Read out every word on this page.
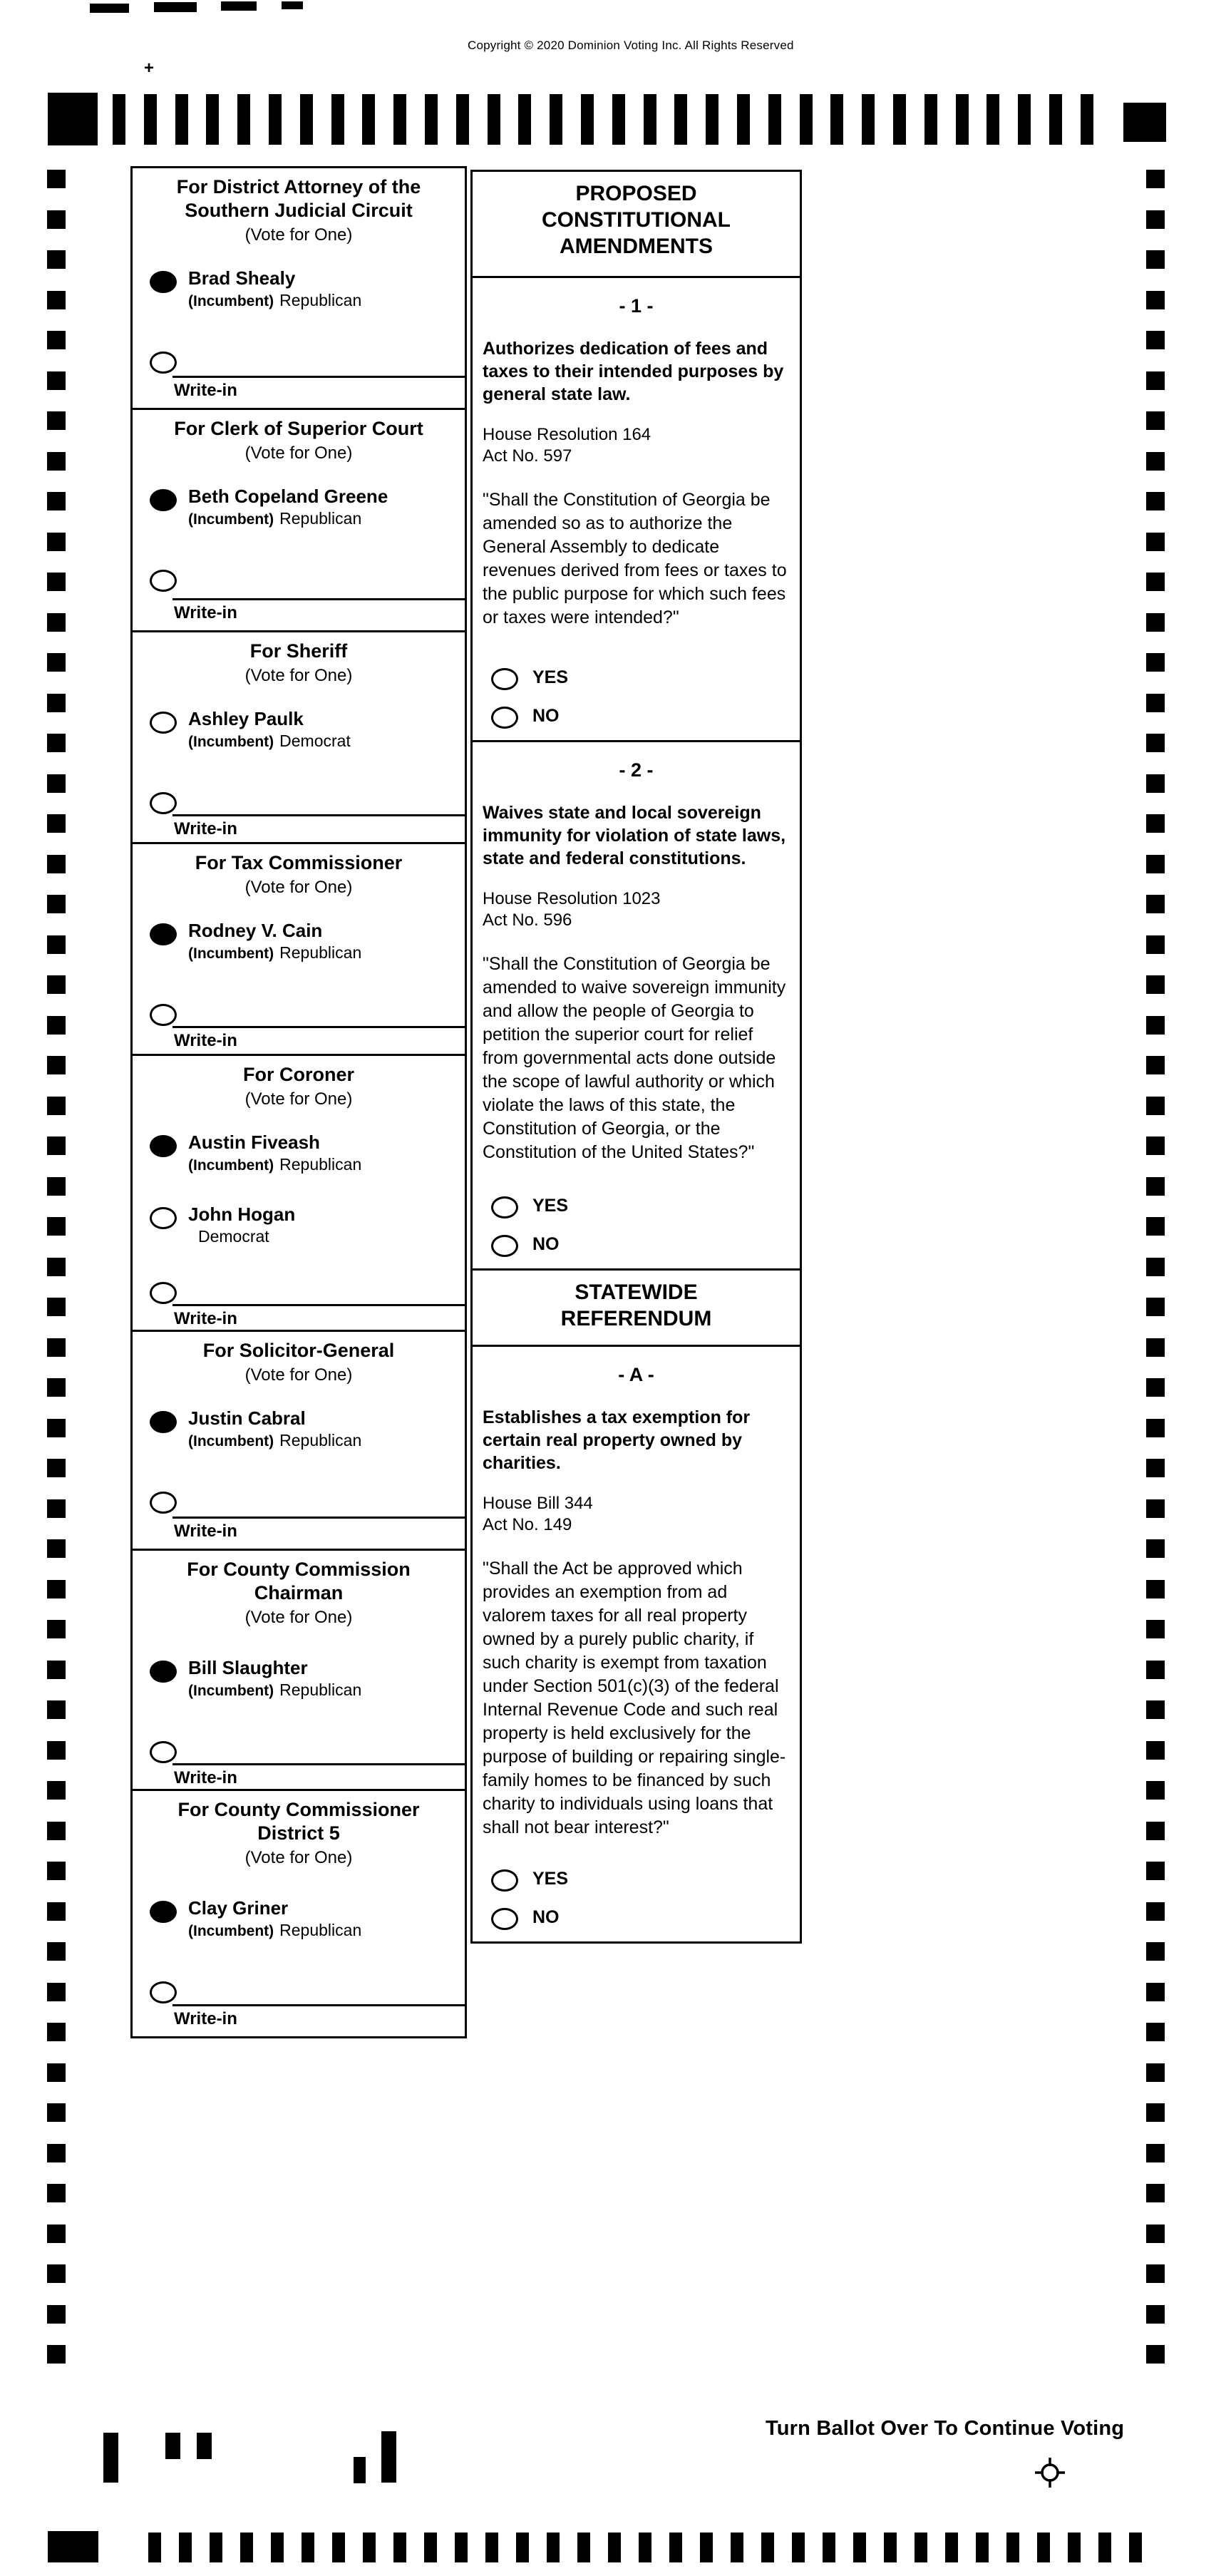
Copyright © 2020 Dominion Voting Inc. All Rights Reserved
+
For District Attorney of the
Southern Judicial Circuit
(Vote for One)
Brad Shealy
(Incumbent) Republican
Write-in
For Clerk of Superior Court
(Vote for One)
Beth Copeland Greene
(Incumbent) Republican
Write-in
For Sheriff
(Vote for One)
Ashley Paulk
(Incumbent) Democrat
Write-in
For Tax Commissioner
(Vote for One)
Rodney V. Cain
(Incumbent) Republican
Write-in
For Coroner
(Vote for One)
Austin Fiveash
(Incumbent) Republican
John Hogan
Democrat
Write-in
For Solicitor-General
(Vote for One)
Justin Cabral
(Incumbent) Republican
Write-in
For County Commission
Chairman
(Vote for One)
Bill Slaughter
(Incumbent) Republican
Write-in
For County Commissioner
District 5
(Vote for One)
Clay Griner
(Incumbent) Republican
Write-in
PROPOSED
CONSTITUTIONAL
AMENDMENTS
- 1 -
Authorizes dedication of fees and taxes to their intended purposes by general state law.
House Resolution 164
Act No. 597
"Shall the Constitution of Georgia be amended so as to authorize the General Assembly to dedicate revenues derived from fees or taxes to the public purpose for which such fees or taxes were intended?"
YES
NO
- 2 -
Waives state and local sovereign immunity for violation of state laws, state and federal constitutions.
House Resolution 1023
Act No. 596
"Shall the Constitution of Georgia be amended to waive sovereign immunity and allow the people of Georgia to petition the superior court for relief from governmental acts done outside the scope of lawful authority or which violate the laws of this state, the Constitution of Georgia, or the Constitution of the United States?"
YES
NO
STATEWIDE
REFERENDUM
- A -
Establishes a tax exemption for certain real property owned by charities.
House Bill 344
Act No. 149
"Shall the Act be approved which provides an exemption from ad valorem taxes for all real property owned by a purely public charity, if such charity is exempt from taxation under Section 501(c)(3) of the federal Internal Revenue Code and such real property is held exclusively for the purpose of building or repairing single-family homes to be financed by such charity to individuals using loans that shall not bear interest?"
YES
NO
20
Turn Ballot Over To Continue Voting
